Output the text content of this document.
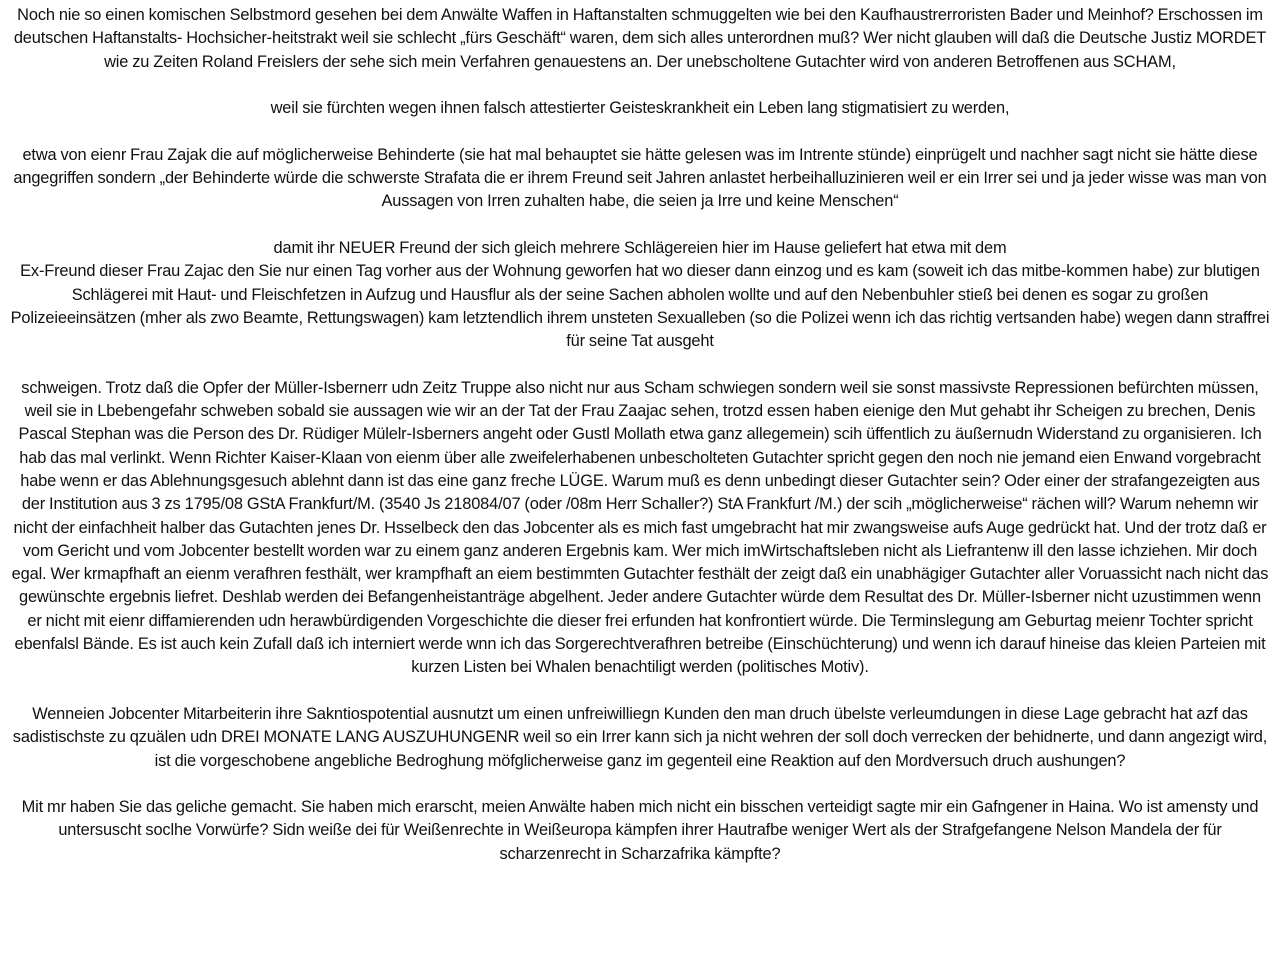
Noch nie so einen komischen Selbstmord gesehen bei dem Anwälte Waffen in Haftanstalten schmuggelten wie bei den Kaufhaustrerroristen Bader und Meinhof? Erschossen im deutschen Haftanstalts- Hochsicher-heitstrakt weil sie schlecht „fürs Geschäft“ waren, dem sich alles unterordnen muß? Wer nicht glauben will daß die Deutsche Justiz MORDET wie zu Zeiten Roland Freislers der sehe sich mein Verfahren genauestens an. Der unebscholtene Gutachter wird von anderen Betroffenen aus SCHAM,

weil sie fürchten wegen ihnen falsch attestierter Geisteskrankheit ein Leben lang stigmatisiert zu werden,

etwa von eienr Frau Zajak die auf möglicherweise Behinderte (sie hat mal behauptet sie hätte gelesen was im Intrente stünde) einprügelt und nachher sagt nicht sie hätte diese angegriffen sondern „der Behinderte würde die schwerste Strafata die er ihrem Freund seit Jahren anlastet herbeihalluzinieren weil er ein Irrer sei und ja jeder wisse was man von Aussagen von Irren zuhalten habe, die seien ja Irre und keine Menschen“

damit ihr NEUER Freund der sich gleich mehrere Schlägereien hier im Hause geliefert hat etwa mit dem

Ex-Freund dieser Frau Zajac den Sie nur einen Tag vorher aus der Wohnung geworfen hat wo dieser dann einzog und es kam (soweit ich das mitbe-kommen habe) zur blutigen Schlägerei mit Haut- und Fleischfetzen in Aufzug und Hausflur als der seine Sachen abholen wollte und auf den Nebenbuhler stieß bei denen es sogar zu großen Polizeieeinsätzen (mher als zwo Beamte, Rettungswagen) kam letztendlich ihrem unsteten Sexualleben (so die Polizei wenn ich das richtig vertsanden habe) wegen dann straffrei für seine Tat ausgeht

schweigen. Trotz daß die Opfer der Müller-Isbernerr udn Zeitz Truppe also nicht nur aus Scham schwiegen sondern weil sie sonst massivste Repressionen befürchten müssen, weil sie in Lbebengefahr schweben sobald sie aussagen wie wir an der Tat der Frau Zaajac sehen, trotzd essen haben eienige den Mut gehabt ihr Scheigen zu brechen, Denis Pascal Stephan was die Person des Dr. Rüdiger Mülelr-Isberners angeht oder Gustl Mollath etwa ganz allegemein) scih üffentlich zu äußernudn Widerstand zu organisieren. Ich hab das mal verlinkt. Wenn Richter Kaiser-Klaan von eienm über alle zweifelerhabenen unbescholteten Gutachter spricht gegen den noch nie jemand eien Enwand vorgebracht habe wenn er das Ablehnungsgesuch ablehnt dann ist das eine ganz freche LÜGE. Warum muß es denn unbedingt dieser Gutachter sein? Oder einer der strafangezeigten aus der Institution aus 3 zs 1795/08 GStA Frankfurt/M. (3540 Js 218084/07 (oder /08m Herr Schaller?) StA Frankfurt /M.) der scih „möglicherweise“ rächen will? Warum nehemn wir nicht der einfachheit halber das Gutachten jenes Dr. Hsselbeck den das Jobcenter als es mich fast umgebracht hat mir zwangsweise aufs Auge gedrückt hat. Und der trotz daß er vom Gericht und vom Jobcenter bestellt worden war zu einem ganz anderen Ergebnis kam. Wer mich imWirtschaftsleben nicht als Liefrantenw ill den lasse ichziehen. Mir doch egal. Wer krmapfhaft an eienm verafhren festhält, wer krampfhaft an eiem bestimmten Gutachter festhält der zeigt daß ein unabhägiger Gutachter aller Voruassicht nach nicht das gewünschte ergebnis liefret. Deshlab werden dei Befangenheistanträge abgelhent. Jeder andere Gutachter würde dem Resultat des Dr. Müller-Isberner nicht uzustimmen wenn er nicht mit eienr diffamierenden udn herawbürdigenden Vorgeschichte die dieser frei erfunden hat konfrontiert würde. Die Terminslegung am Geburtag meienr Tochter spricht ebenfalsl Bände. Es ist auch kein Zufall daß ich interniert werde wnn ich das Sorgerechtverafhren betreibe (Einschüchterung) und wenn ich darauf hineise das kleien Parteien mit kurzen Listen bei Whalen benachtiligt werden (politisches Motiv).

Wenneien Jobcenter Mitarbeiterin ihre Sakntiospotential ausnutzt um einen unfreiwilliegn Kunden den man druch übelste verleumdungen in diese Lage gebracht hat azf das sadistischste zu qzuälen udn DREI MONATE LANG AUSZUHUNGENR weil so ein Irrer kann sich ja nicht wehren der soll doch verrecken der behidnerte, und dann angezigt wird, ist die vorgeschobene angebliche Bedroghung möfglicherweise ganz im gegenteil eine Reaktion auf den Mordversuch druch aushungen?

Mit mr haben Sie das geliche gemacht. Sie haben mich erarscht, meien Anwälte haben mich nicht ein bisschen verteidigt sagte mir ein Gafngener in Haina. Wo ist amensty und untersuscht soclhe Vorwürfe? Sidn weiße dei für Weißenrechte in Weißeuropa kämpfen ihrer Hautrafbe weniger Wert als der Strafgefangene Nelson Mandela der für scharzenrecht in Scharzafrika kämpfte?
